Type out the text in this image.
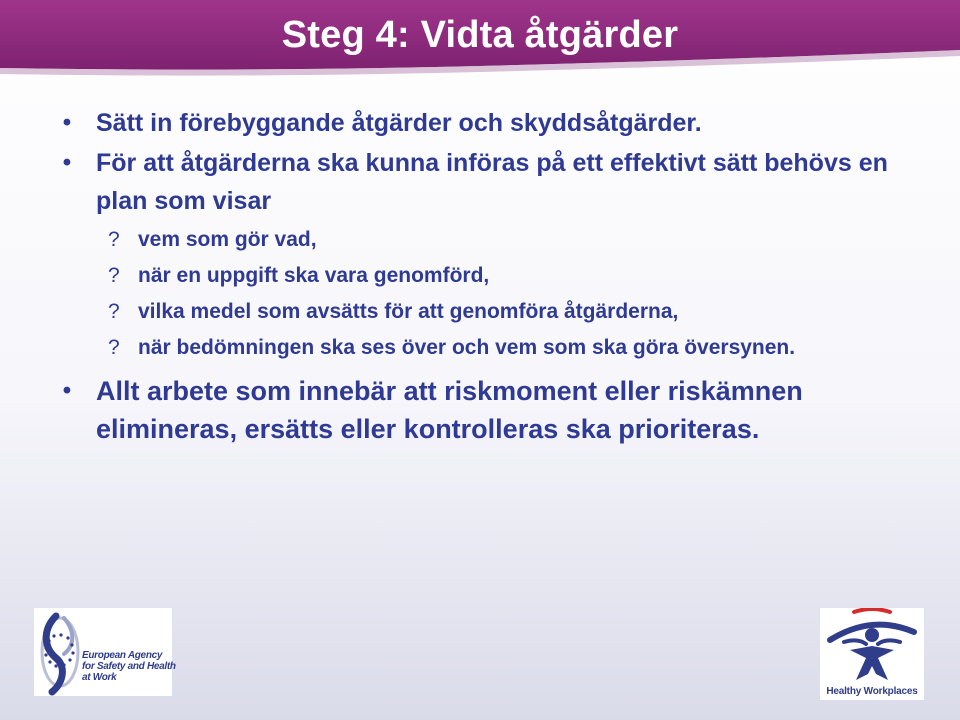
Steg 4: Vidta åtgärder
• Sätt in förebyggande åtgärder och skyddsåtgärder.
• För att åtgärderna ska kunna införas på ett effektivt sätt behövs en plan som visar
? vem som gör vad,
? när en uppgift ska vara genomförd,
? vilka medel som avsätts för att genomföra åtgärderna,
? när bedömningen ska ses över och vem som ska göra översynen.
• Allt arbete som innebär att riskmoment eller riskämnen elimineras, ersätts eller kontrolleras ska prioriteras.
European Agency
for Safety and Health
at Work
Healthy Workplaces
